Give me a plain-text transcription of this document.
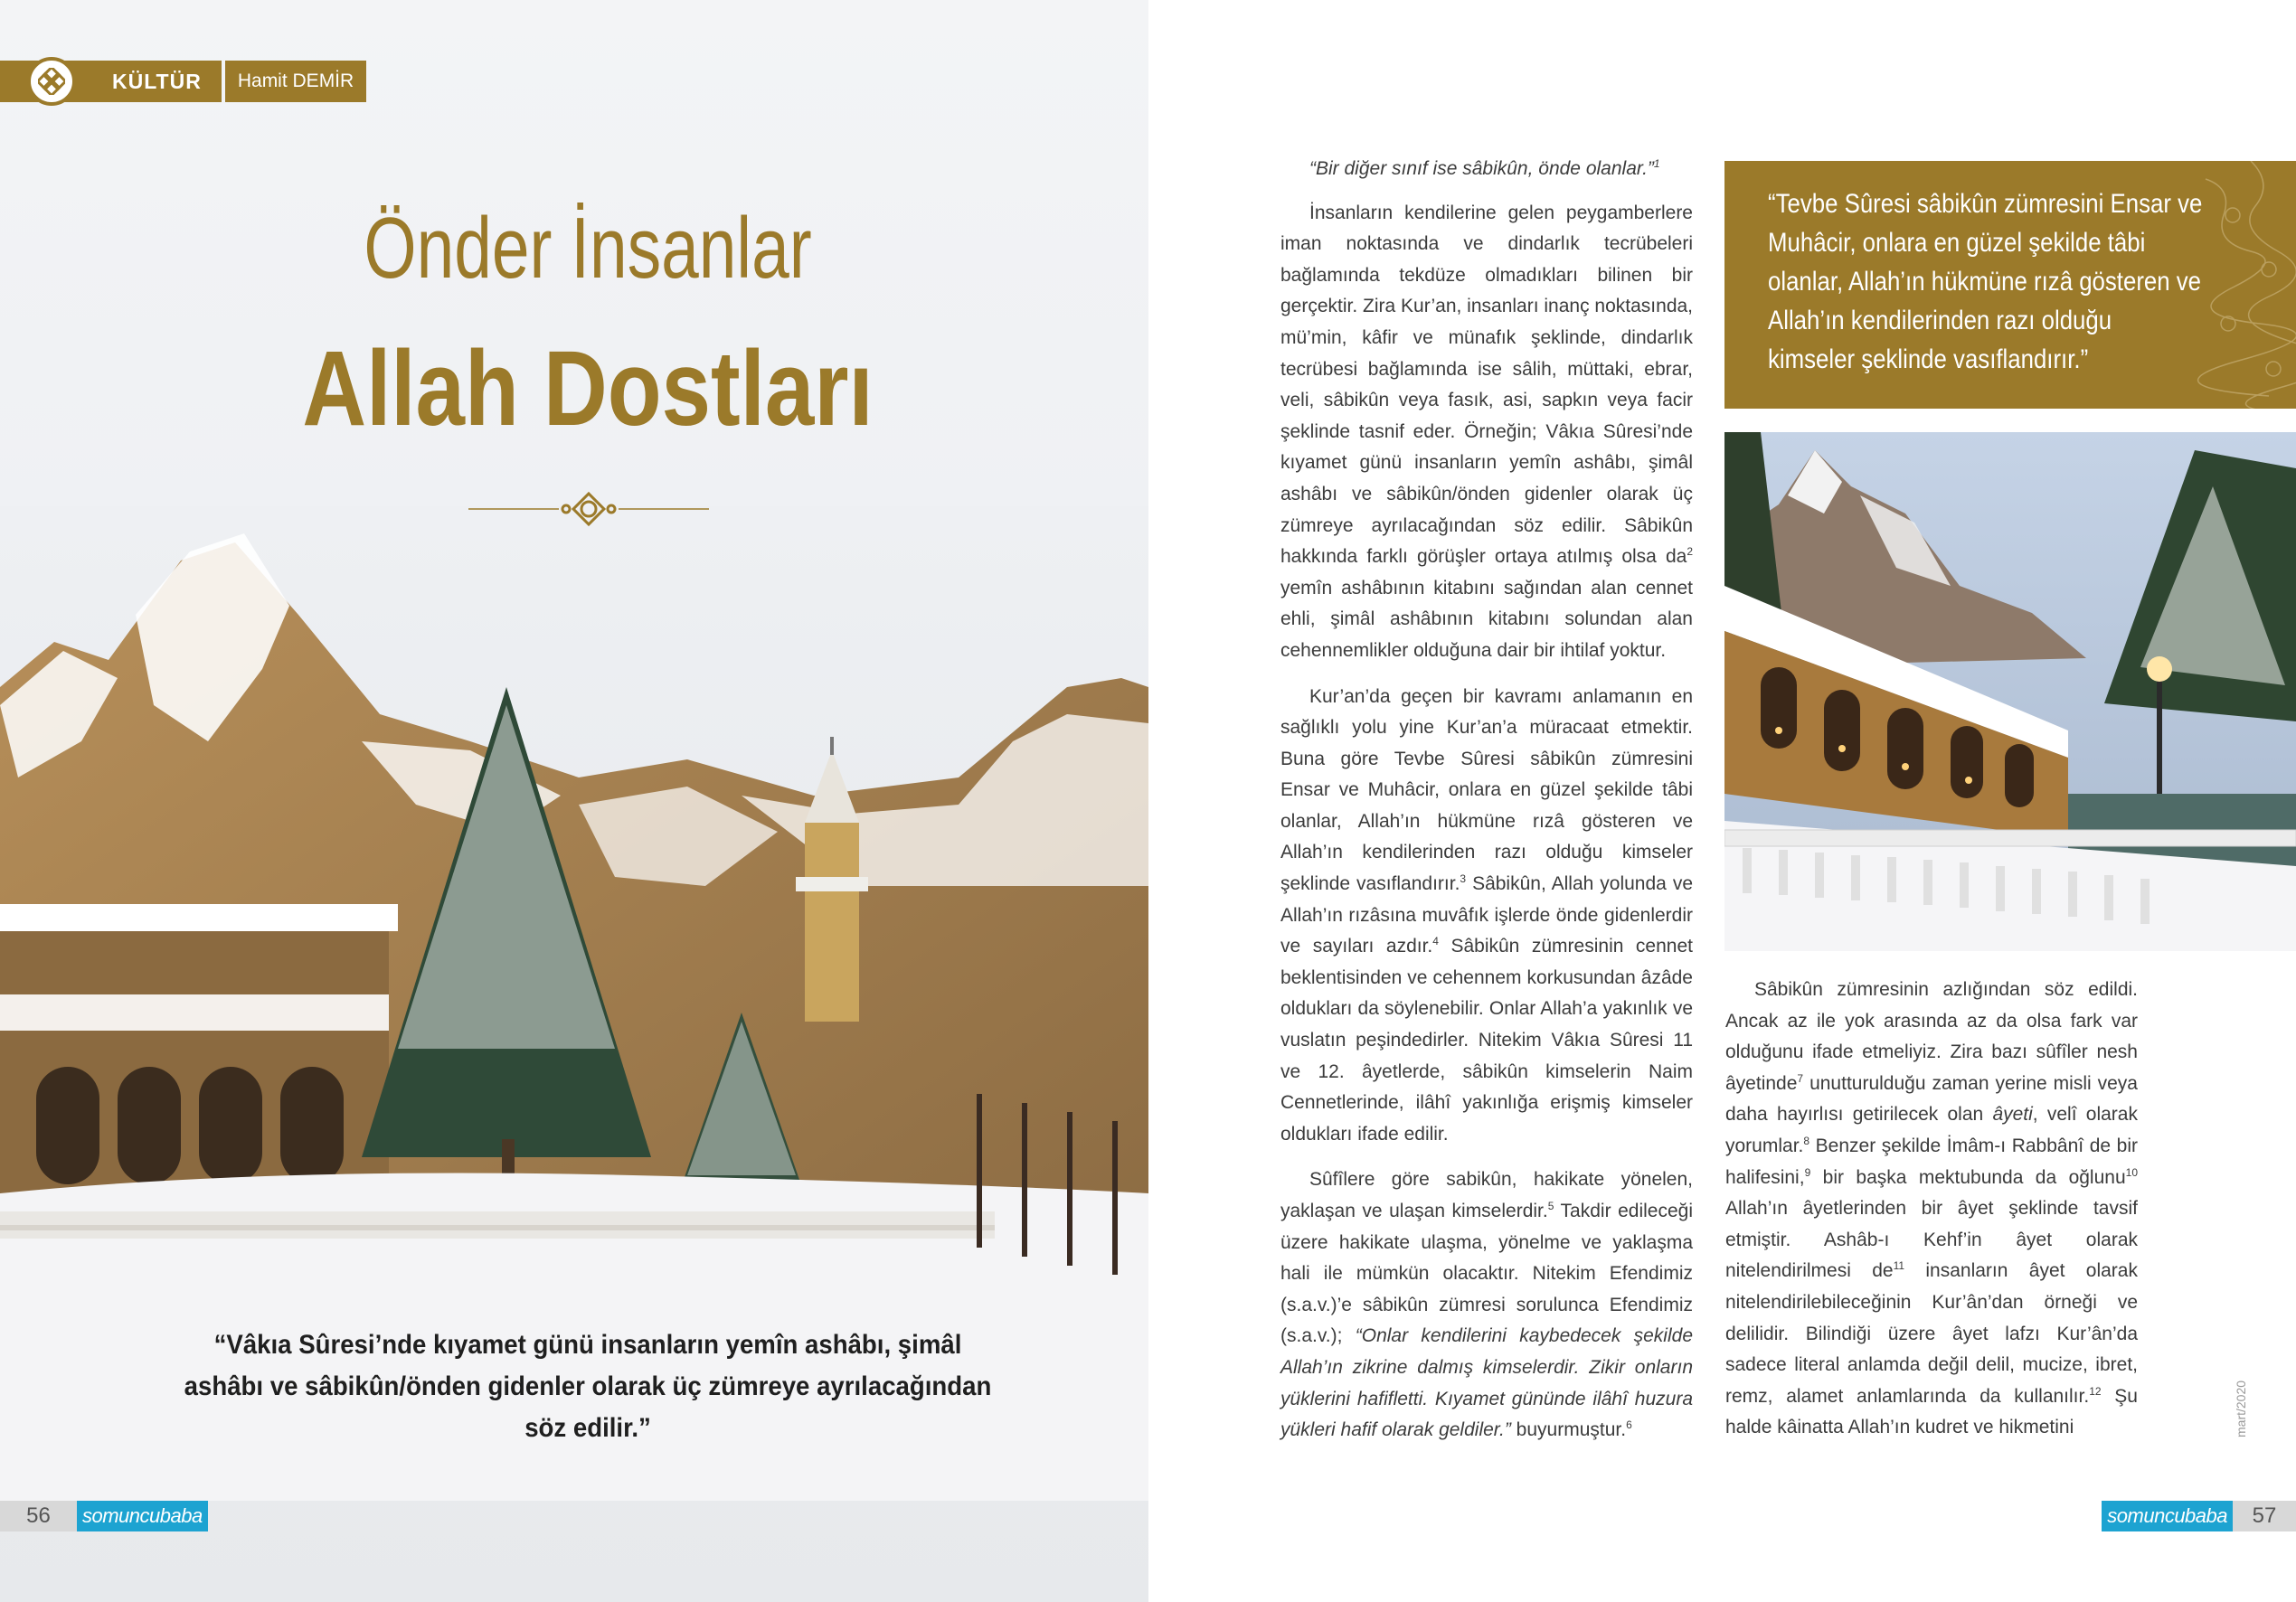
KÜLTÜR	Hamit DEMİR
Önder İnsanlar
Allah Dostları
“Vâkıa Sûresi’nde kıyamet günü insanların yemîn ashâbı, şimâl ashâbı ve sâbikûn/önden gidenler olarak üç zümreye ayrılacağından söz edilir.”
56	somuncubaba

“Bir diğer sınıf ise sâbikûn, önde olanlar.”$^1$

İnsanların kendilerine gelen peygamberlere iman noktasında ve dindarlık tecrübeleri bağlamında tekdüze olmadıkları bilinen bir gerçektir. Zira Kur’an, insanları inanç noktasında, mü’min, kâfir ve münafık şeklinde, dindarlık tecrübesi bağlamında ise sâlih, müttaki, ebrar, veli, sâbikûn veya fasık, asi, sapkın veya facir şeklinde tasnif eder. Örneğin; Vâkıa Sûresi’nde kıyamet günü insanların yemîn ashâbı, şimâl ashâbı ve sâbikûn/önden gidenler olarak üç zümreye ayrılacağından söz edilir. Sâbikûn hakkında farklı görüşler ortaya atılmış olsa $da^2$ yemîn ashâbının kitabını sağından alan cennet ehli, şimâl ashâbının kitabını solundan alan cehennemlikler olduğuna dair bir ihtilaf yoktur.

Kur’an’da geçen bir kavramı anlamanın en sağlıklı yolu yine Kur’an’a müracaat etmektir. Buna göre Tevbe Sûresi sâbikûn zümresini Ensar ve Muhâcir, onlara en güzel şekilde tâbi olanlar, Allah’ın hükmüne rızâ gösteren ve Allah’ın kendilerinden razı olduğu kimseler şeklinde vasıflandırır.$^3$ Sâbikûn, Allah yolunda ve Allah’ın rızâsına muvâfık işlerde önde gidenlerdir ve sayıları azdır.$^4$ Sâbikûn zümresinin cennet beklentisinden ve cehennem korkusundan âzâde oldukları da söylenebilir. Onlar Allah’a yakınlık ve vuslatın peşindedirler. Nitekim Vâkıa Sûresi 11 ve 12. âyetlerde, sâbikûn kimselerin Naim Cennetlerinde, ilâhî yakınlığa erişmiş kimseler oldukları ifade edilir.

Sûfîlere göre sabikûn, hakikate yönelen, yaklaşan ve ulaşan kimselerdir.$^5$ Takdir edileceği üzere hakikate ulaşma, yönelme ve yaklaşma hali ile mümkün olacaktır. Nitekim Efendimiz (s.a.v.)’e sâbikûn zümresi sorulunca Efendimiz (s.a.v.); “Onlar kendilerini kaybedecek şekilde Allah’ın zikrine dalmış kimselerdir. Zikir onların yüklerini hafifletti. Kıyamet gününde ilâhî huzura yükleri hafif olarak geldiler.” buyurmuştur.$^6$

“Tevbe Sûresi sâbikûn zümresini Ensar ve Muhâcir, onlara en güzel şekilde tâbi olanlar, Allah’ın hükmüne rızâ gösteren ve Allah’ın kendilerinden razı olduğu kimseler şeklinde vasıflandırır.”

Sâbikûn zümresinin azlığından söz edildi. Ancak az ile yok arasında az da olsa fark var olduğunu ifade etmeliyiz. Zira bazı sûfîler nesh âyetinde$^7$ unutturulduğu zaman yerine misli veya daha hayırlısı getirilecek olan âyeti, velî olarak yorumlar.$^8$ Benzer şekilde İmâm-ı Rabbânî de bir halifesini,$^9$ bir başka mektubunda da oğlunu$^{10}$ Allah’ın âyetlerinden bir âyet şeklinde tavsif etmiştir. Ashâb-ı Kehf’in âyet olarak nitelendirilmesi $de^{11}$ insanların âyet olarak nitelendirilebileceğinin Kur’ân’dan örneği ve delilidir. Bilindiği üzere âyet lafzı Kur’ân’da sadece literal anlamda değil delil, mucize, ibret, remz, alamet anlamlarında da kullanılır.$^{12}$ Şu halde kâinatta Allah’ın kudret ve hikmetini	mart/2020
somuncubaba	57
